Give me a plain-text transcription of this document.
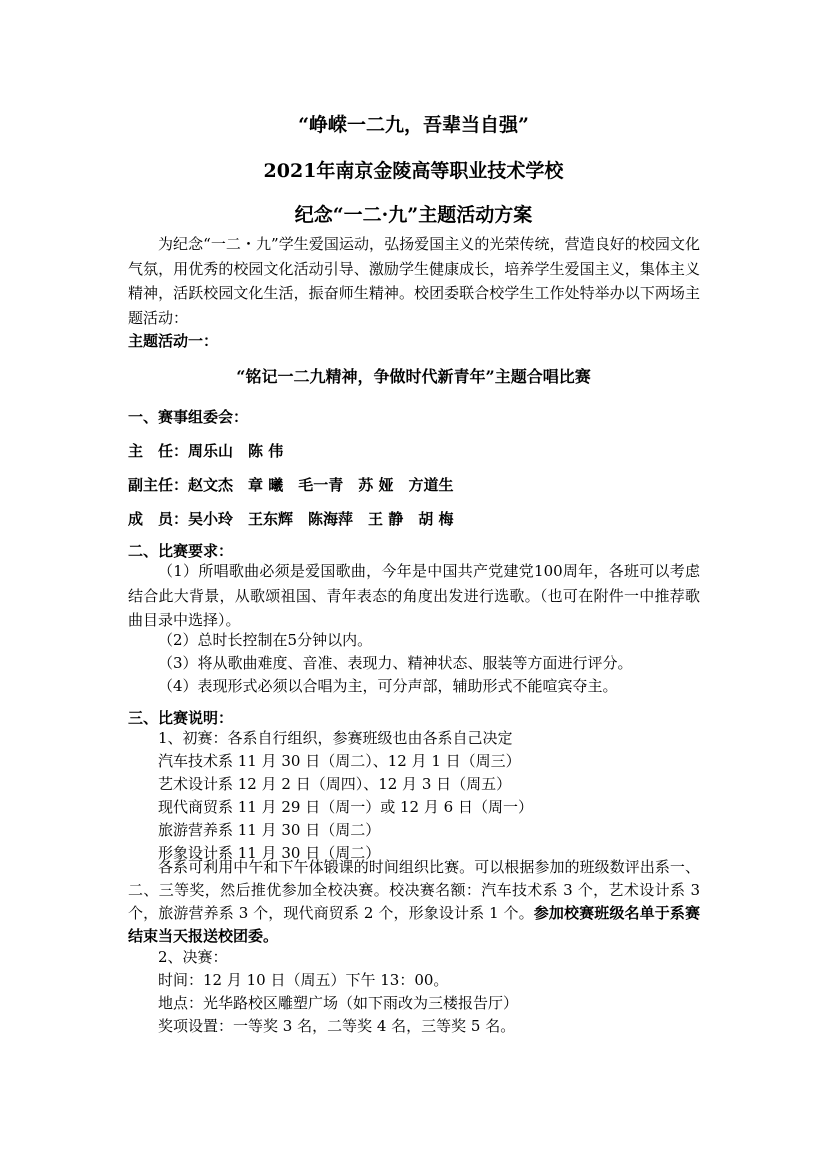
“峥嵘一二九，吾辈当自强”
2021年南京金陵高等职业技术学校
纪念“一二·九”主题活动方案
为纪念“一二・九”学生爱国运动，弘扬爱国主义的光荣传统，营造良好的校园文化气氛，用优秀的校园文化活动引导、激励学生健康成长，培养学生爱国主义，集体主义精神，活跃校园文化生活，振奋师生精神。校团委联合校学生工作处特举办以下两场主题活动：
主题活动一：
“铭记一二九精神，争做时代新青年”主题合唱比赛
一、赛事组委会：
主　任：周乐山　陈 伟
副主任：赵文杰　章 曦　毛一青　苏 娅　方道生
成　员：吴小玲　王东辉　陈海萍　王 静　胡 梅
二、比赛要求：
（1）所唱歌曲必须是爱国歌曲，今年是中国共产党建党100周年，各班可以考虑结合此大背景，从歌颂祖国、青年表态的角度出发进行选歌。（也可在附件一中推荐歌曲目录中选择）。
（2）总时长控制在5分钟以内。
（3）将从歌曲难度、音准、表现力、精神状态、服装等方面进行评分。
（4）表现形式必须以合唱为主，可分声部，辅助形式不能喧宾夺主。
三、比赛说明：
1、初赛：各系自行组织，参赛班级也由各系自己决定
汽车技术系 11 月 30 日（周二）、12 月 1 日（周三）
艺术设计系 12 月 2 日（周四）、12 月 3 日（周五）
现代商贸系 11 月 29 日（周一）或 12 月 6 日（周一）
旅游营养系 11 月 30 日（周二）
形象设计系 11 月 30 日（周二）
各系可利用中午和下午体锻课的时间组织比赛。可以根据参加的班级数评出系一、二、三等奖，然后推优参加全校决赛。校决赛名额：汽车技术系 3 个，艺术设计系 3 个，旅游营养系 3 个，现代商贸系 2 个，形象设计系 1 个。参加校赛班级名单于系赛结束当天报送校团委。
2、决赛：
时间：12 月 10 日（周五）下午 13：00。
地点：光华路校区雕塑广场（如下雨改为三楼报告厅）
奖项设置：一等奖 3 名，二等奖 4 名，三等奖 5 名。
